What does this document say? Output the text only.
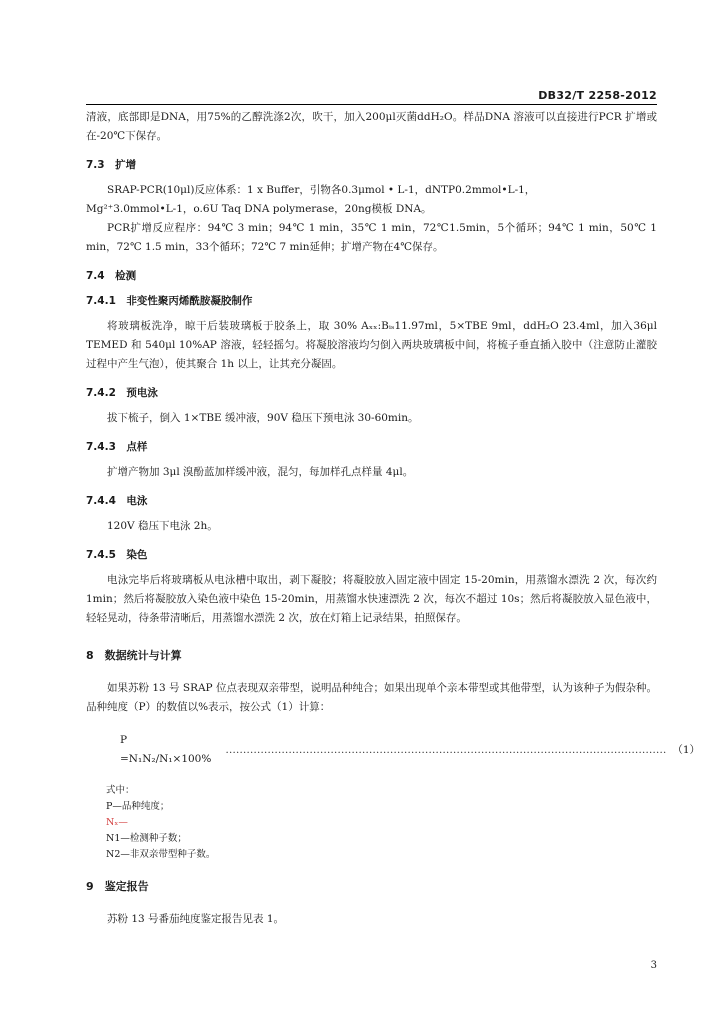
DB32/T 2258-2012

清液，底部即是DNA，用75%的乙醇洗涤2次，吹干，加入200μl灭菌ddH₂O。样品DNA 溶液可以直接进行PCR 扩增或在-20℃下保存。

7.3　扩增

SRAP-PCR(10μl)反应体系：1 x Buffer，引物各0.3μmol • L-1，dNTP0.2mmol•L-1，

Mg²⁺3.0mmol•L-1，o.6U Taq DNA polymerase，20ng模板 DNA。

PCR扩增反应程序：94℃ 3 min；94℃ 1 min，35℃ 1 min，72℃1.5min，5个循环；94℃ 1 min，50℃ 1 min，72℃ 1.5 min，33个循环；72℃ 7 min延伸；扩增产物在4℃保存。

7.4　检测
7.4.1　非变性聚丙烯酰胺凝胶制作

将玻璃板洗净，晾干后装玻璃板于胶条上，取 30% Aₓₓ:Bᵢₛ11.97ml，5×TBE 9ml，ddH₂O 23.4ml，加入36μl TEMED 和 540μl 10%AP 溶液，轻轻摇匀。将凝胶溶液均匀倒入两块玻璃板中间，将梳子垂直插入胶中（注意防止灌胶过程中产生气泡），使其聚合 1h 以上，让其充分凝固。

7.4.2　预电泳

拔下梳子，倒入 1×TBE 缓冲液，90V 稳压下预电泳 30-60min。

7.4.3　点样

扩增产物加 3μl 溴酚蓝加样缓冲液，混匀，每加样孔点样量 4μl。

7.4.4　电泳

120V 稳压下电泳 2h。

7.4.5　染色

电泳完毕后将玻璃板从电泳槽中取出，剥下凝胶；将凝胶放入固定液中固定 15-20min，用蒸馏水漂洗 2 次，每次约 1min；然后将凝胶放入染色液中染色 15-20min，用蒸馏水快速漂洗 2 次，每次不超过 10s；然后将凝胶放入显色液中，轻轻晃动，待条带清晰后，用蒸馏水漂洗 2 次，放在灯箱上记录结果，拍照保存。

8　数据统计与计算

如果苏粉 13 号 SRAP 位点表现双亲带型，说明品种纯合；如果出现单个亲本带型或其他带型，认为该种子为假杂种。品种纯度（P）的数值以%表示，按公式（1）计算：

P =N₁N₂/N₁×100%
……………………………………………………………………………………………………………… （1）
式中：
P—品种纯度；
Nₓ—
N1—检测种子数；
N2—非双亲带型种子数。
9　鉴定报告

苏粉 13 号番茄纯度鉴定报告见表 1。

3
